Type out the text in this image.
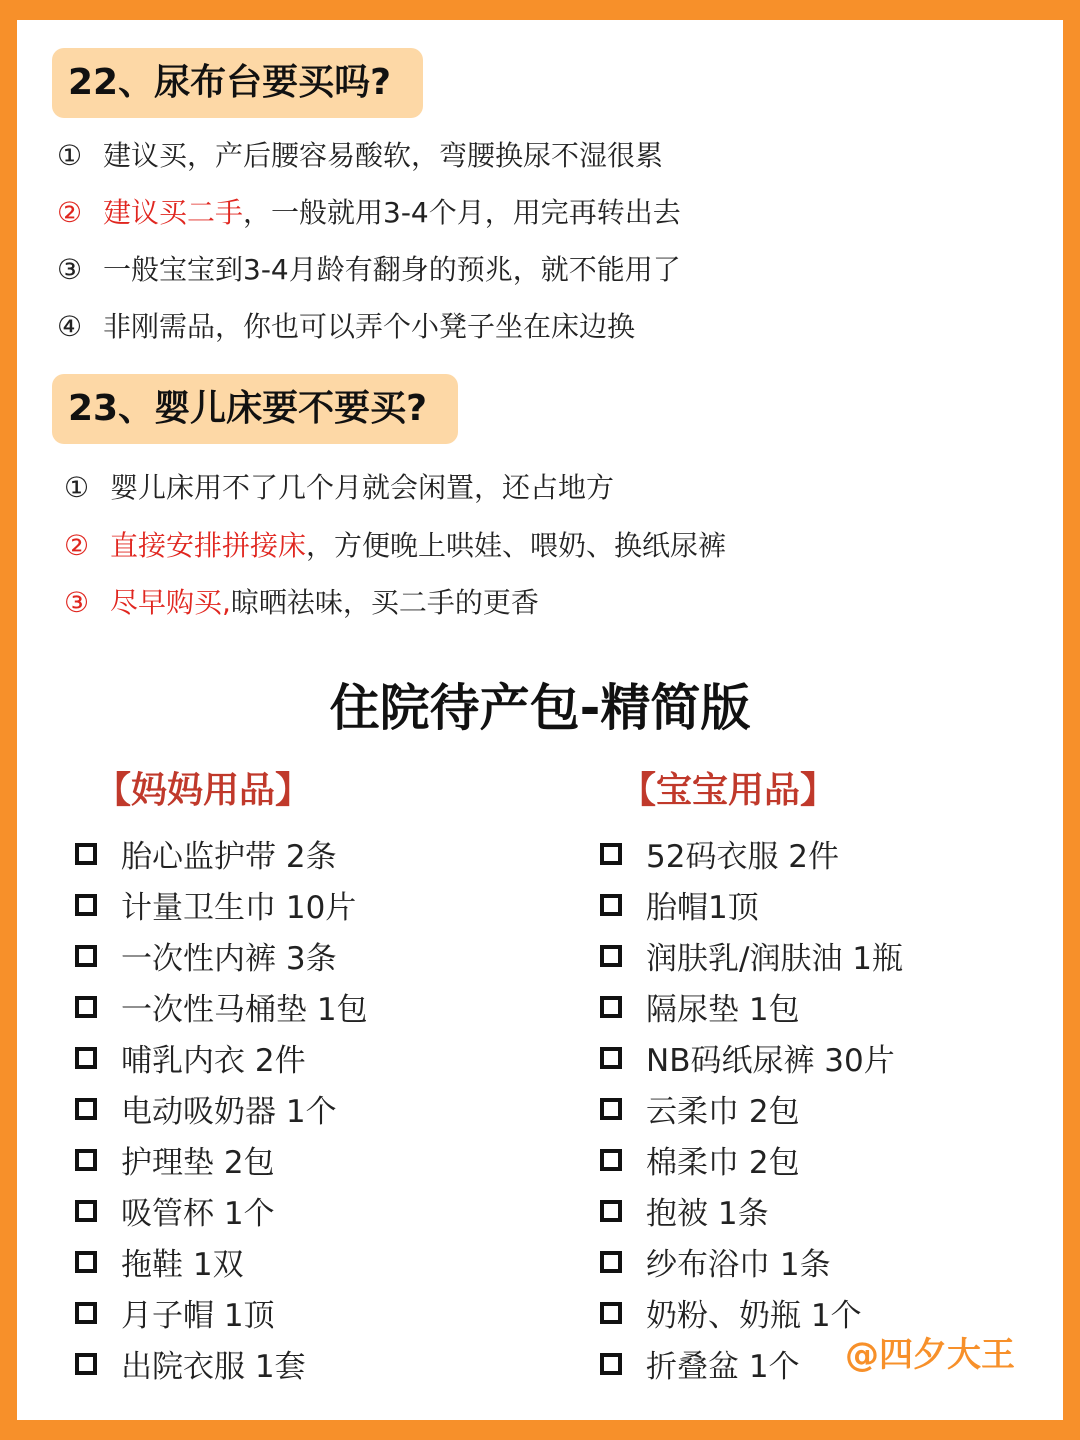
22、尿布台要买吗?
① 建议买，产后腰容易酸软，弯腰换尿不湿很累
② 建议买二手，一般就用3-4个月，用完再转出去
③ 一般宝宝到3-4月龄有翻身的预兆，就不能用了
④ 非刚需品，你也可以弄个小凳子坐在床边换
23、婴儿床要不要买?
① 婴儿床用不了几个月就会闲置，还占地方
② 直接安排拼接床，方便晚上哄娃、喂奶、换纸尿裤
③ 尽早购买,晾晒祛味，买二手的更香
住院待产包-精简版
【妈妈用品】	【宝宝用品】
胎心监护带 2条
计量卫生巾 10片
一次性内裤 3条
一次性马桶垫 1包
哺乳内衣 2件
电动吸奶器 1个
护理垫 2包
吸管杯 1个
拖鞋 1双
月子帽 1顶
出院衣服 1套
52码衣服 2件
胎帽1顶
润肤乳/润肤油 1瓶
隔尿垫 1包
NB码纸尿裤 30片
云柔巾 2包
棉柔巾 2包
抱被 1条
纱布浴巾 1条
奶粉、奶瓶 1个
折叠盆 1个 @四夕大王
